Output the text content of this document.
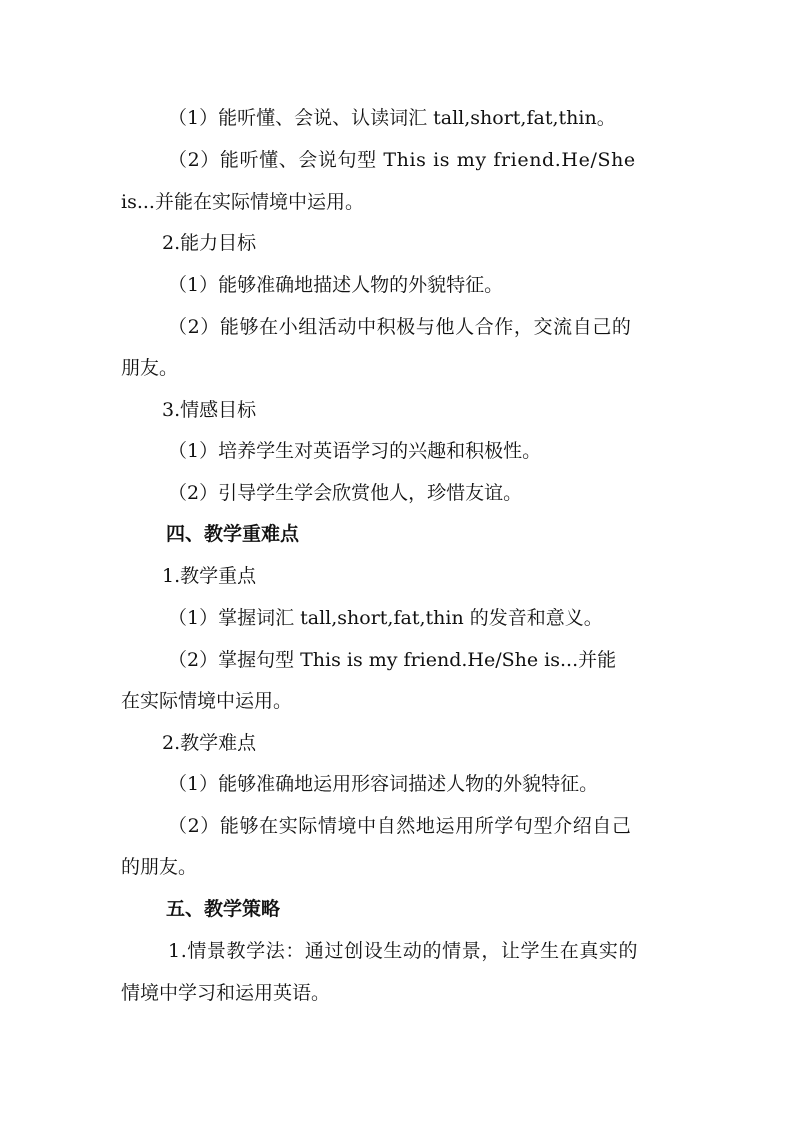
（1）能听懂、会说、认读词汇 tall,short,fat,thin。
（2）能听懂、会说句型 This is my friend.He/She
is...并能在实际情境中运用。
2.能力目标
（1）能够准确地描述人物的外貌特征。
（2）能够在小组活动中积极与他人合作，交流自己的
朋友。
3.情感目标
（1）培养学生对英语学习的兴趣和积极性。
（2）引导学生学会欣赏他人，珍惜友谊。
四、教学重难点
1.教学重点
（1）掌握词汇 tall,short,fat,thin 的发音和意义。
（2）掌握句型 This is my friend.He/She is...并能
在实际情境中运用。
2.教学难点
（1）能够准确地运用形容词描述人物的外貌特征。
（2）能够在实际情境中自然地运用所学句型介绍自己
的朋友。
五、教学策略
1.情景教学法：通过创设生动的情景，让学生在真实的
情境中学习和运用英语。
